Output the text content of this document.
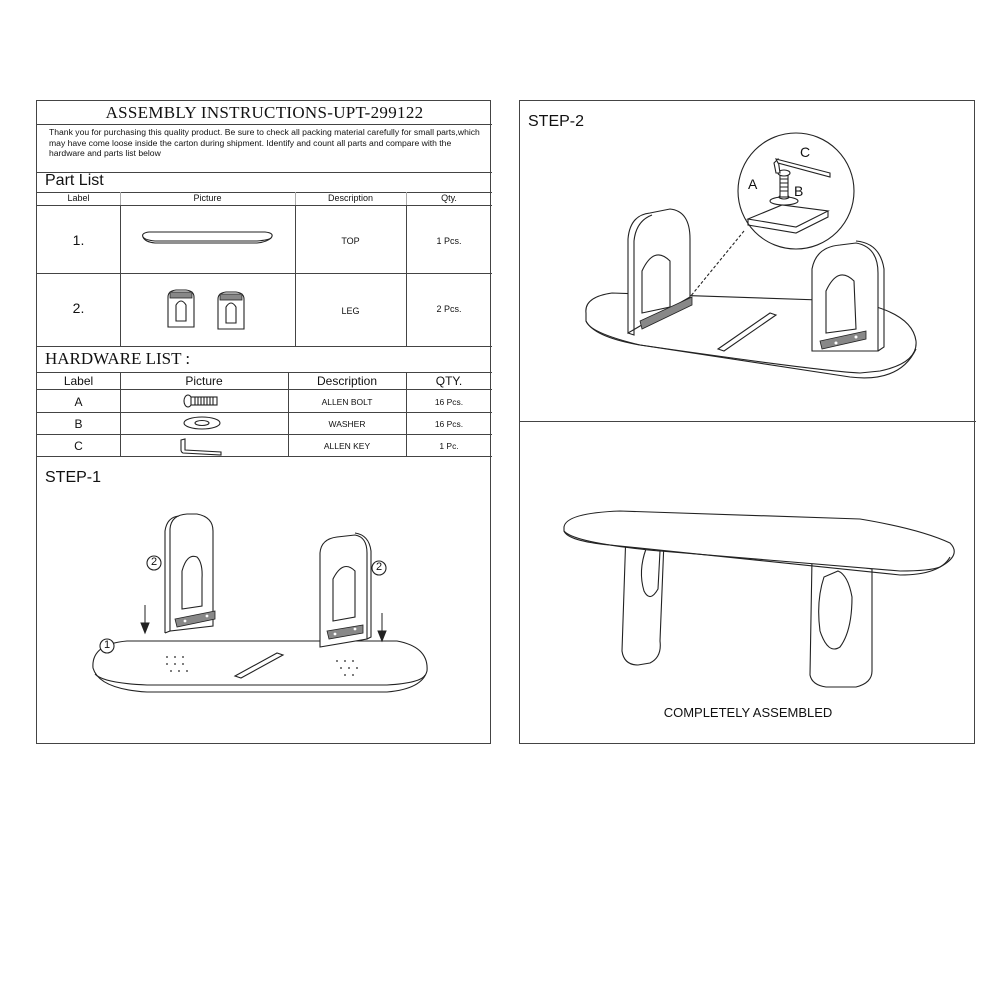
ASSEMBLY INSTRUCTIONS-UPT-299122
Thank you for purchasing this quality product. Be sure to check all packing material carefully for small parts,which may have come loose inside the carton during shipment. Identify and count all parts and compare with the hardware and parts list below
Part List
Label	Picture	Description	Qty.
1.	TOP	1 Pcs.
2.	LEG	2 Pcs.
HARDWARE LIST :
Label	Picture	Description	QTY.
A	ALLEN BOLT	16 Pcs.
B	WASHER	16 Pcs.
C	ALLEN KEY	1 Pc.
STEP-1
2	2
1
STEP-2
A	B
C
COMPLETELY ASSEMBLED
